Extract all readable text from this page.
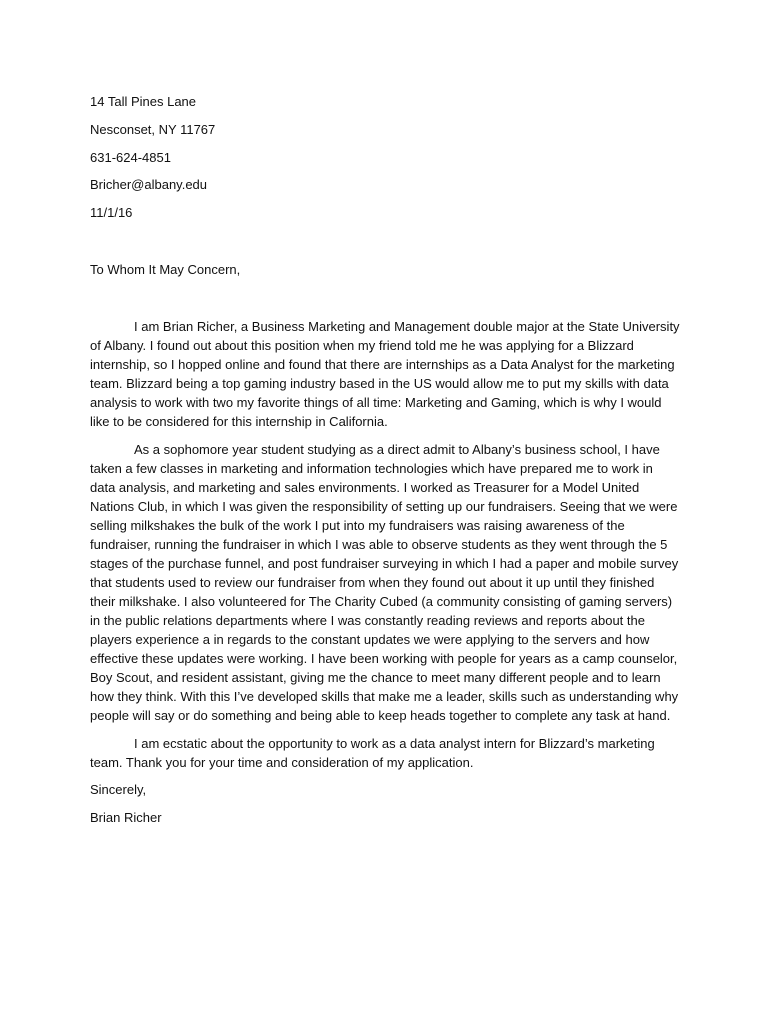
14 Tall Pines Lane
Nesconset, NY 11767
631-624-4851
Bricher@albany.edu
11/1/16
To Whom It May Concern,

I am Brian Richer, a Business Marketing and Management double major at the State University of Albany. I found out about this position when my friend told me he was applying for a Blizzard internship, so I hopped online and found that there are internships as a Data Analyst for the marketing team. Blizzard being a top gaming industry based in the US would allow me to put my skills with data analysis to work with two my favorite things of all time: Marketing and Gaming, which is why I would like to be considered for this internship in California.

As a sophomore year student studying as a direct admit to Albany’s business school, I have taken a few classes in marketing and information technologies which have prepared me to work in data analysis, and marketing and sales environments. I worked as Treasurer for a Model United Nations Club, in which I was given the responsibility of setting up our fundraisers. Seeing that we were selling milkshakes the bulk of the work I put into my fundraisers was raising awareness of the fundraiser, running the fundraiser in which I was able to observe students as they went through the 5 stages of the purchase funnel, and post fundraiser surveying in which I had a paper and mobile survey that students used to review our fundraiser from when they found out about it up until they finished their milkshake. I also volunteered for The Charity Cubed (a community consisting of gaming servers) in the public relations departments where I was constantly reading reviews and reports about the players experience a in regards to the constant updates we were applying to the servers and how effective these updates were working. I have been working with people for years as a camp counselor, Boy Scout, and resident assistant, giving me the chance to meet many different people and to learn how they think. With this I’ve developed skills that make me a leader, skills such as understanding why people will say or do something and being able to keep heads together to complete any task at hand.

I am ecstatic about the opportunity to work as a data analyst intern for Blizzard’s marketing team. Thank you for your time and consideration of my application.

Sincerely,
Brian Richer
